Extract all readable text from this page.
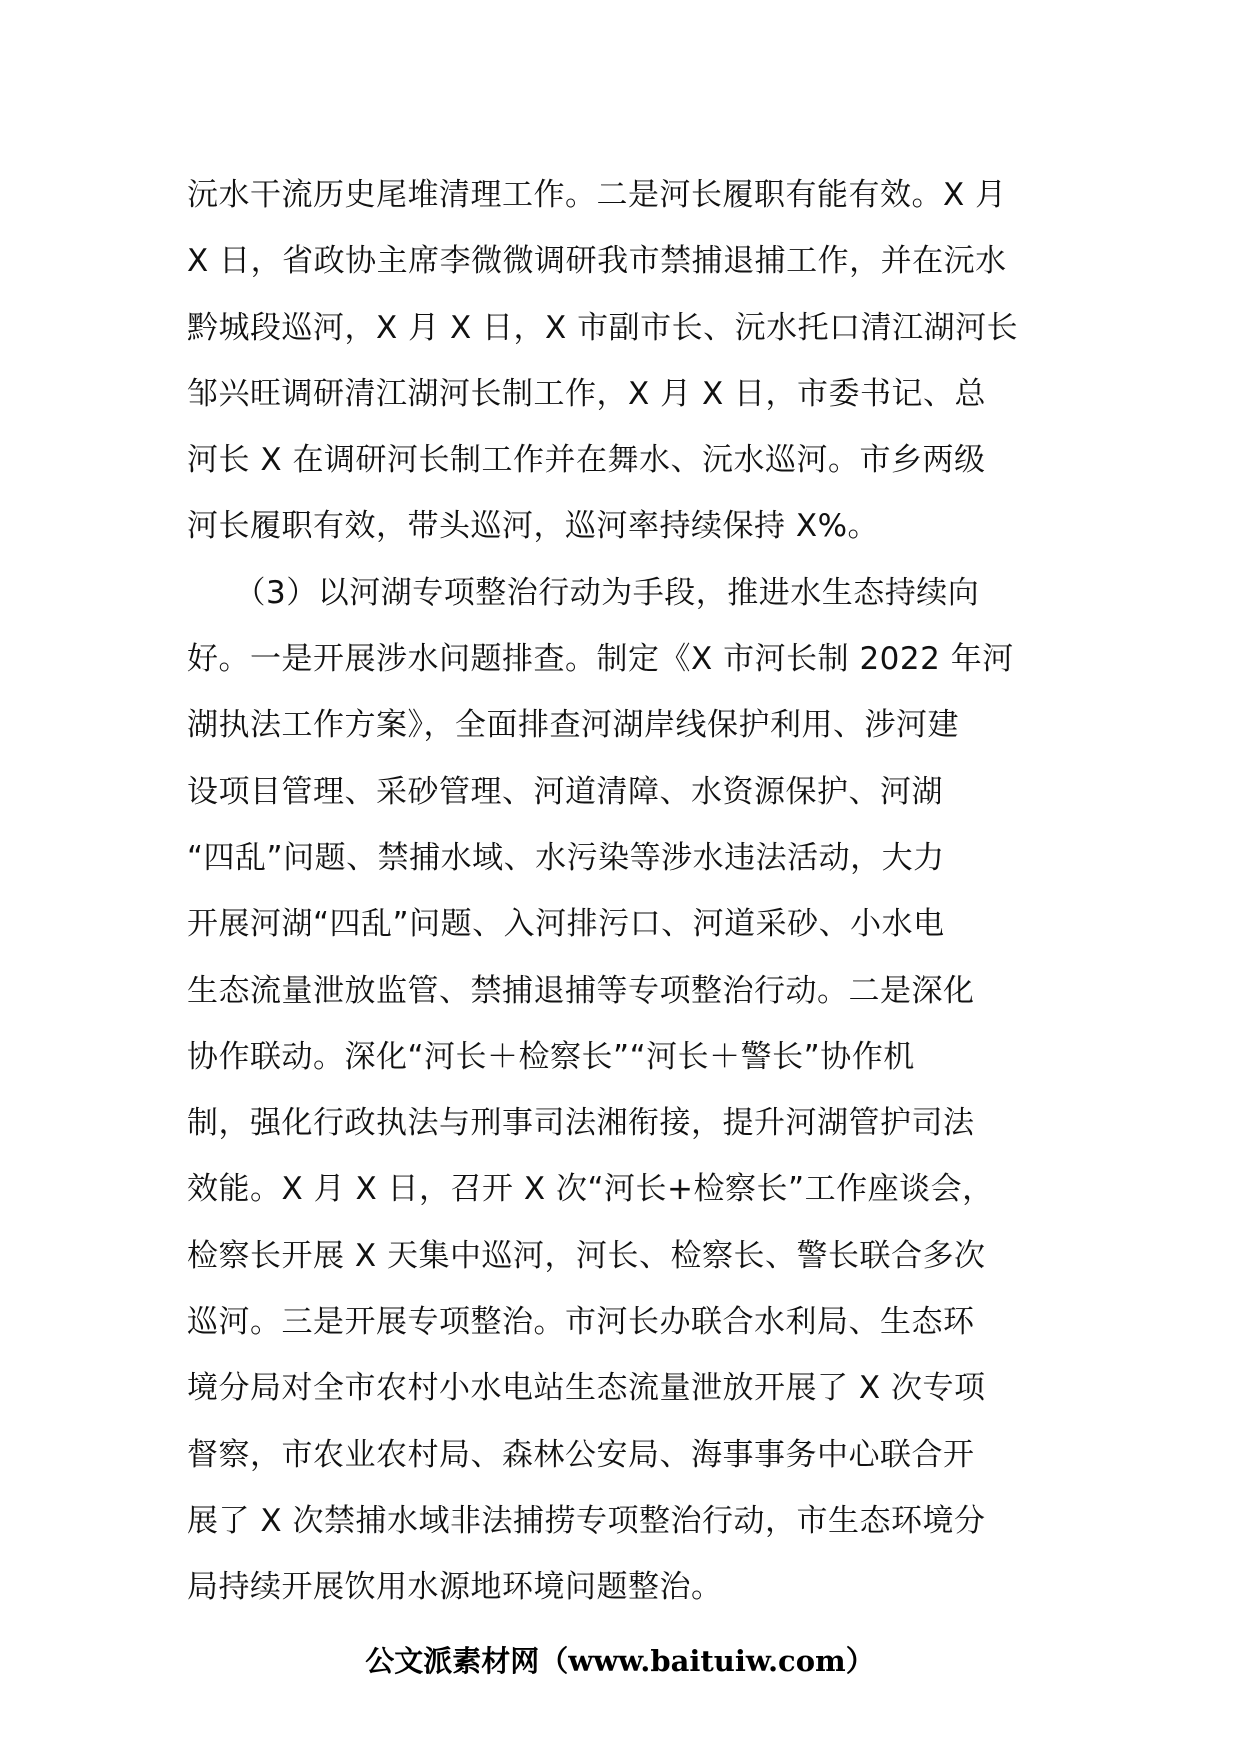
沅水干流历史尾堆清理工作。二是河长履职有能有效。X 月
X 日，省政协主席李微微调研我市禁捕退捕工作，并在沅水
黔城段巡河，X 月 X 日，X 市副市长、沅水托口清江湖河长
邹兴旺调研清江湖河长制工作，X 月 X 日，市委书记、总
河长 X 在调研河长制工作并在舞水、沅水巡河。市乡两级
河长履职有效，带头巡河，巡河率持续保持 X%。
　　（3）以河湖专项整治行动为手段，推进水生态持续向
好。一是开展涉水问题排查。制定《X 市河长制 2022 年河
湖执法工作方案》，全面排查河湖岸线保护利用、涉河建
设项目管理、采砂管理、河道清障、水资源保护、河湖
“四乱”问题、禁捕水域、水污染等涉水违法活动，大力
开展河湖“四乱”问题、入河排污口、河道采砂、小水电
生态流量泄放监管、禁捕退捕等专项整治行动。二是深化
协作联动。深化“河长＋检察长”“河长＋警长”协作机
制，强化行政执法与刑事司法湘衔接，提升河湖管护司法
效能。X 月 X 日，召开 X 次“河长+检察长”工作座谈会，
检察长开展 X 天集中巡河，河长、检察长、警长联合多次
巡河。三是开展专项整治。市河长办联合水利局、生态环
境分局对全市农村小水电站生态流量泄放开展了 X 次专项
督察，市农业农村局、森林公安局、海事事务中心联合开
展了 X 次禁捕水域非法捕捞专项整治行动，市生态环境分
局持续开展饮用水源地环境问题整治。
公文派素材网（www.baituiw.com）
